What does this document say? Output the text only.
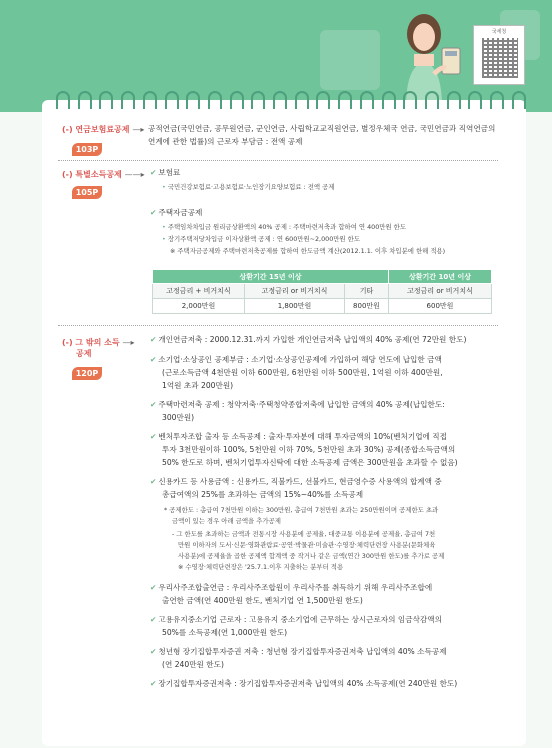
국세청
(-) 연금보험료공제 —▸
103P
공적연금(국민연금, 공무원연금, 군인연금, 사립학교교직원연금, 별정우체국 연금, 국민연금과 직역연금의 연계에 관한 법률)의 근로자 부담금 : 전액 공제
(-) 특별소득공제 ——▸
105P
✔ 보험료
• 국민건강보험료·고용보험료·노인장기요양보험료 : 전액 공제
✔ 주택자금공제
• 주택임차차입금 원리금상환액의 40% 공제 : 주택마련저축과 합하여 연 400만원 한도
• 장기주택저당차입금 이자상환액 공제 : 연 600만원~2,000만원 한도
※ 주택자금공제와 주택마련저축공제를 합하여 한도금액 계산(2012.1.1. 이후 차입분에 한해 적용)
상환기간 15년 이상			상환기간 10년 이상
고정금리 + 비거치식	고정금리 or 비거치식	기타	고정금리 or 비거치식
2,000만원	1,800만원	800만원	600만원
(-) 그 밖의 소득 —▸
공제
120P
✔ 개인연금저축 : 2000.12.31.까지 가입한 개인연금저축 납입액의 40% 공제(연 72만원 한도)
✔ 소기업·소상공인 공제부금 : 소기업·소상공인공제에 가입하여 해당 연도에 납입한 금액
(근로소득금액 4천만원 이하 600만원, 6천만원 이하 500만원, 1억원 이하 400만원,
1억원 초과 200만원)
✔ 주택마련저축 공제 : 청약저축·주택청약종합저축에 납입한 금액의 40% 공제(납입한도:
300만원)
✔ 벤처투자조합 출자 등 소득공제 : 출자·투자분에 대해 투자금액의 10%(벤처기업에 직접
투자 3천만원이하 100%, 5천만원 이하 70%, 5천만원 초과 30%) 공제(종합소득금액의
50% 한도로 하며, 벤처기업투자신탁에 대한 소득공제 금액은 300만원을 초과할 수 없음)
✔ 신용카드 등 사용금액 : 신용카드, 직불카드, 선불카드, 현금영수증 사용액의 합계액 중
총급여액의 25%를 초과하는 금액의 15%~40%를 소득공제
* 공제한도 : 총급여 7천만원 이하는 300만원, 총급여 7천만원 초과는 250만원이며 공제한도 초과
금액이 있는 경우 아래 금액을 추가공제
- 그 한도를 초과하는 금액과 전통시장 사용분에 공제율, 대중교통 이용분에 공제율, 총급여 7천
만원 이하자의 도서·신문·영화관람료·공연·박물관·미술관·수영장·체력단련장 사용분(문화체육
사용분)에 공제율을 곱한 공제액 합계액 중 작거나 같은 금액(연간 300만원 한도)를 추가로 공제
※ 수영장·체력단련장은 '25.7.1.이후 지출하는 분부터 적용
✔ 우리사주조합출연금 : 우리사주조합원이 우리사주를 취득하기 위해 우리사주조합에
출연한 금액(연 400만원 한도, 벤처기업 연 1,500만원 한도)
✔ 고용유지중소기업 근로자 : 고용유지 중소기업에 근무하는 상시근로자의 임금삭감액의
50%를 소득공제(연 1,000만원 한도)
✔ 청년형 장기집합투자증권 저축 : 청년형 장기집합투자증권저축 납입액의 40% 소득공제
(연 240만원 한도)
✔ 장기집합투자증권저축 : 장기집합투자증권저축 납입액의 40% 소득공제(연 240만원 한도)
